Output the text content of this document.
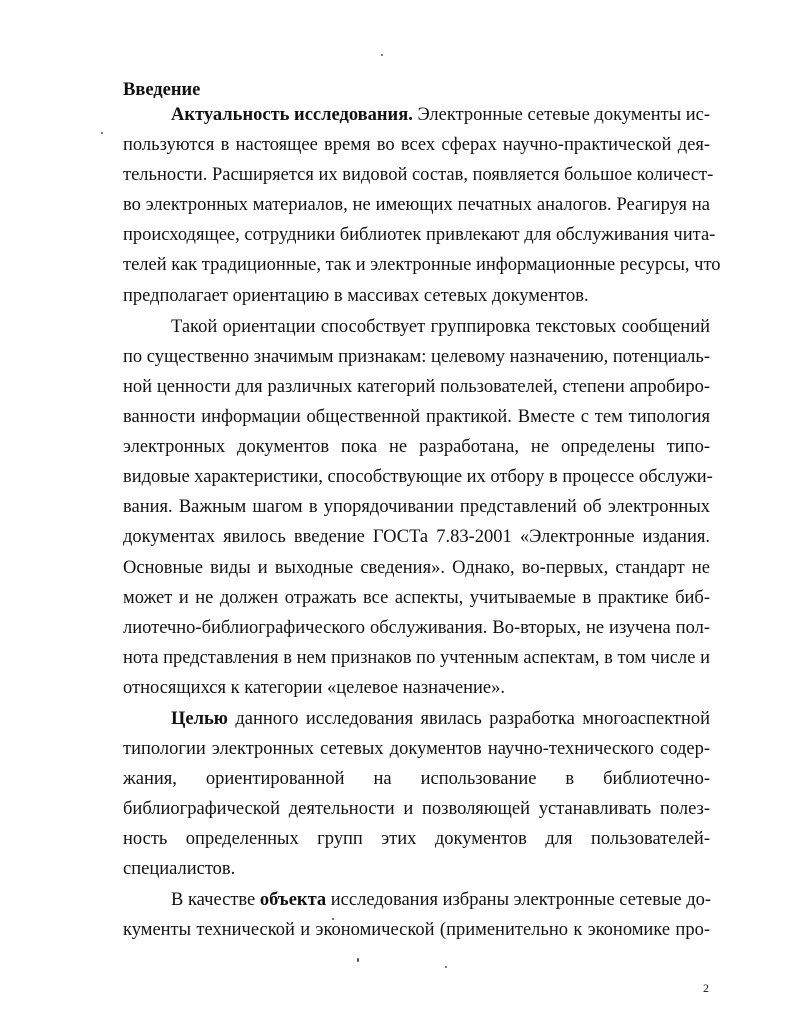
Введение
Актуальность исследования. Электронные сетевые документы ис-
пользуются в настоящее время во всех сферах научно-практической дея-
тельности. Расширяется их видовой состав, появляется большое количест-
во электронных материалов, не имеющих печатных аналогов. Реагируя на
происходящее, сотрудники библиотек привлекают для обслуживания чита-
телей как традиционные, так и электронные информационные ресурсы, что
предполагает ориентацию в массивах сетевых документов.
Такой ориентации способствует группировка текстовых сообщений
по существенно значимым признакам: целевому назначению, потенциаль-
ной ценности для различных категорий пользователей, степени апробиро-
ванности информации общественной практикой. Вместе с тем типология
электронных документов пока не разработана, не определены типо-
видовые характеристики, способствующие их отбору в процессе обслужи-
вания. Важным шагом в упорядочивании представлений об электронных
документах явилось введение ГОСТа 7.83-2001 «Электронные издания.
Основные виды и выходные сведения». Однако, во-первых, стандарт не
может и не должен отражать все аспекты, учитываемые в практике биб-
лиотечно-библиографического обслуживания. Во-вторых, не изучена пол-
нота представления в нем признаков по учтенным аспектам, в том числе и
относящихся к категории «целевое назначение».
Целью данного исследования явилась разработка многоаспектной
типологии электронных сетевых документов научно-технического содер-
жания, ориентированной на использование в библиотечно-
библиографической деятельности и позволяющей устанавливать полез-
ность определенных групп этих документов для пользователей-
специалистов.
В качестве объекта исследования избраны электронные сетевые до-
кументы технической и экономической (применительно к экономике про-
2
